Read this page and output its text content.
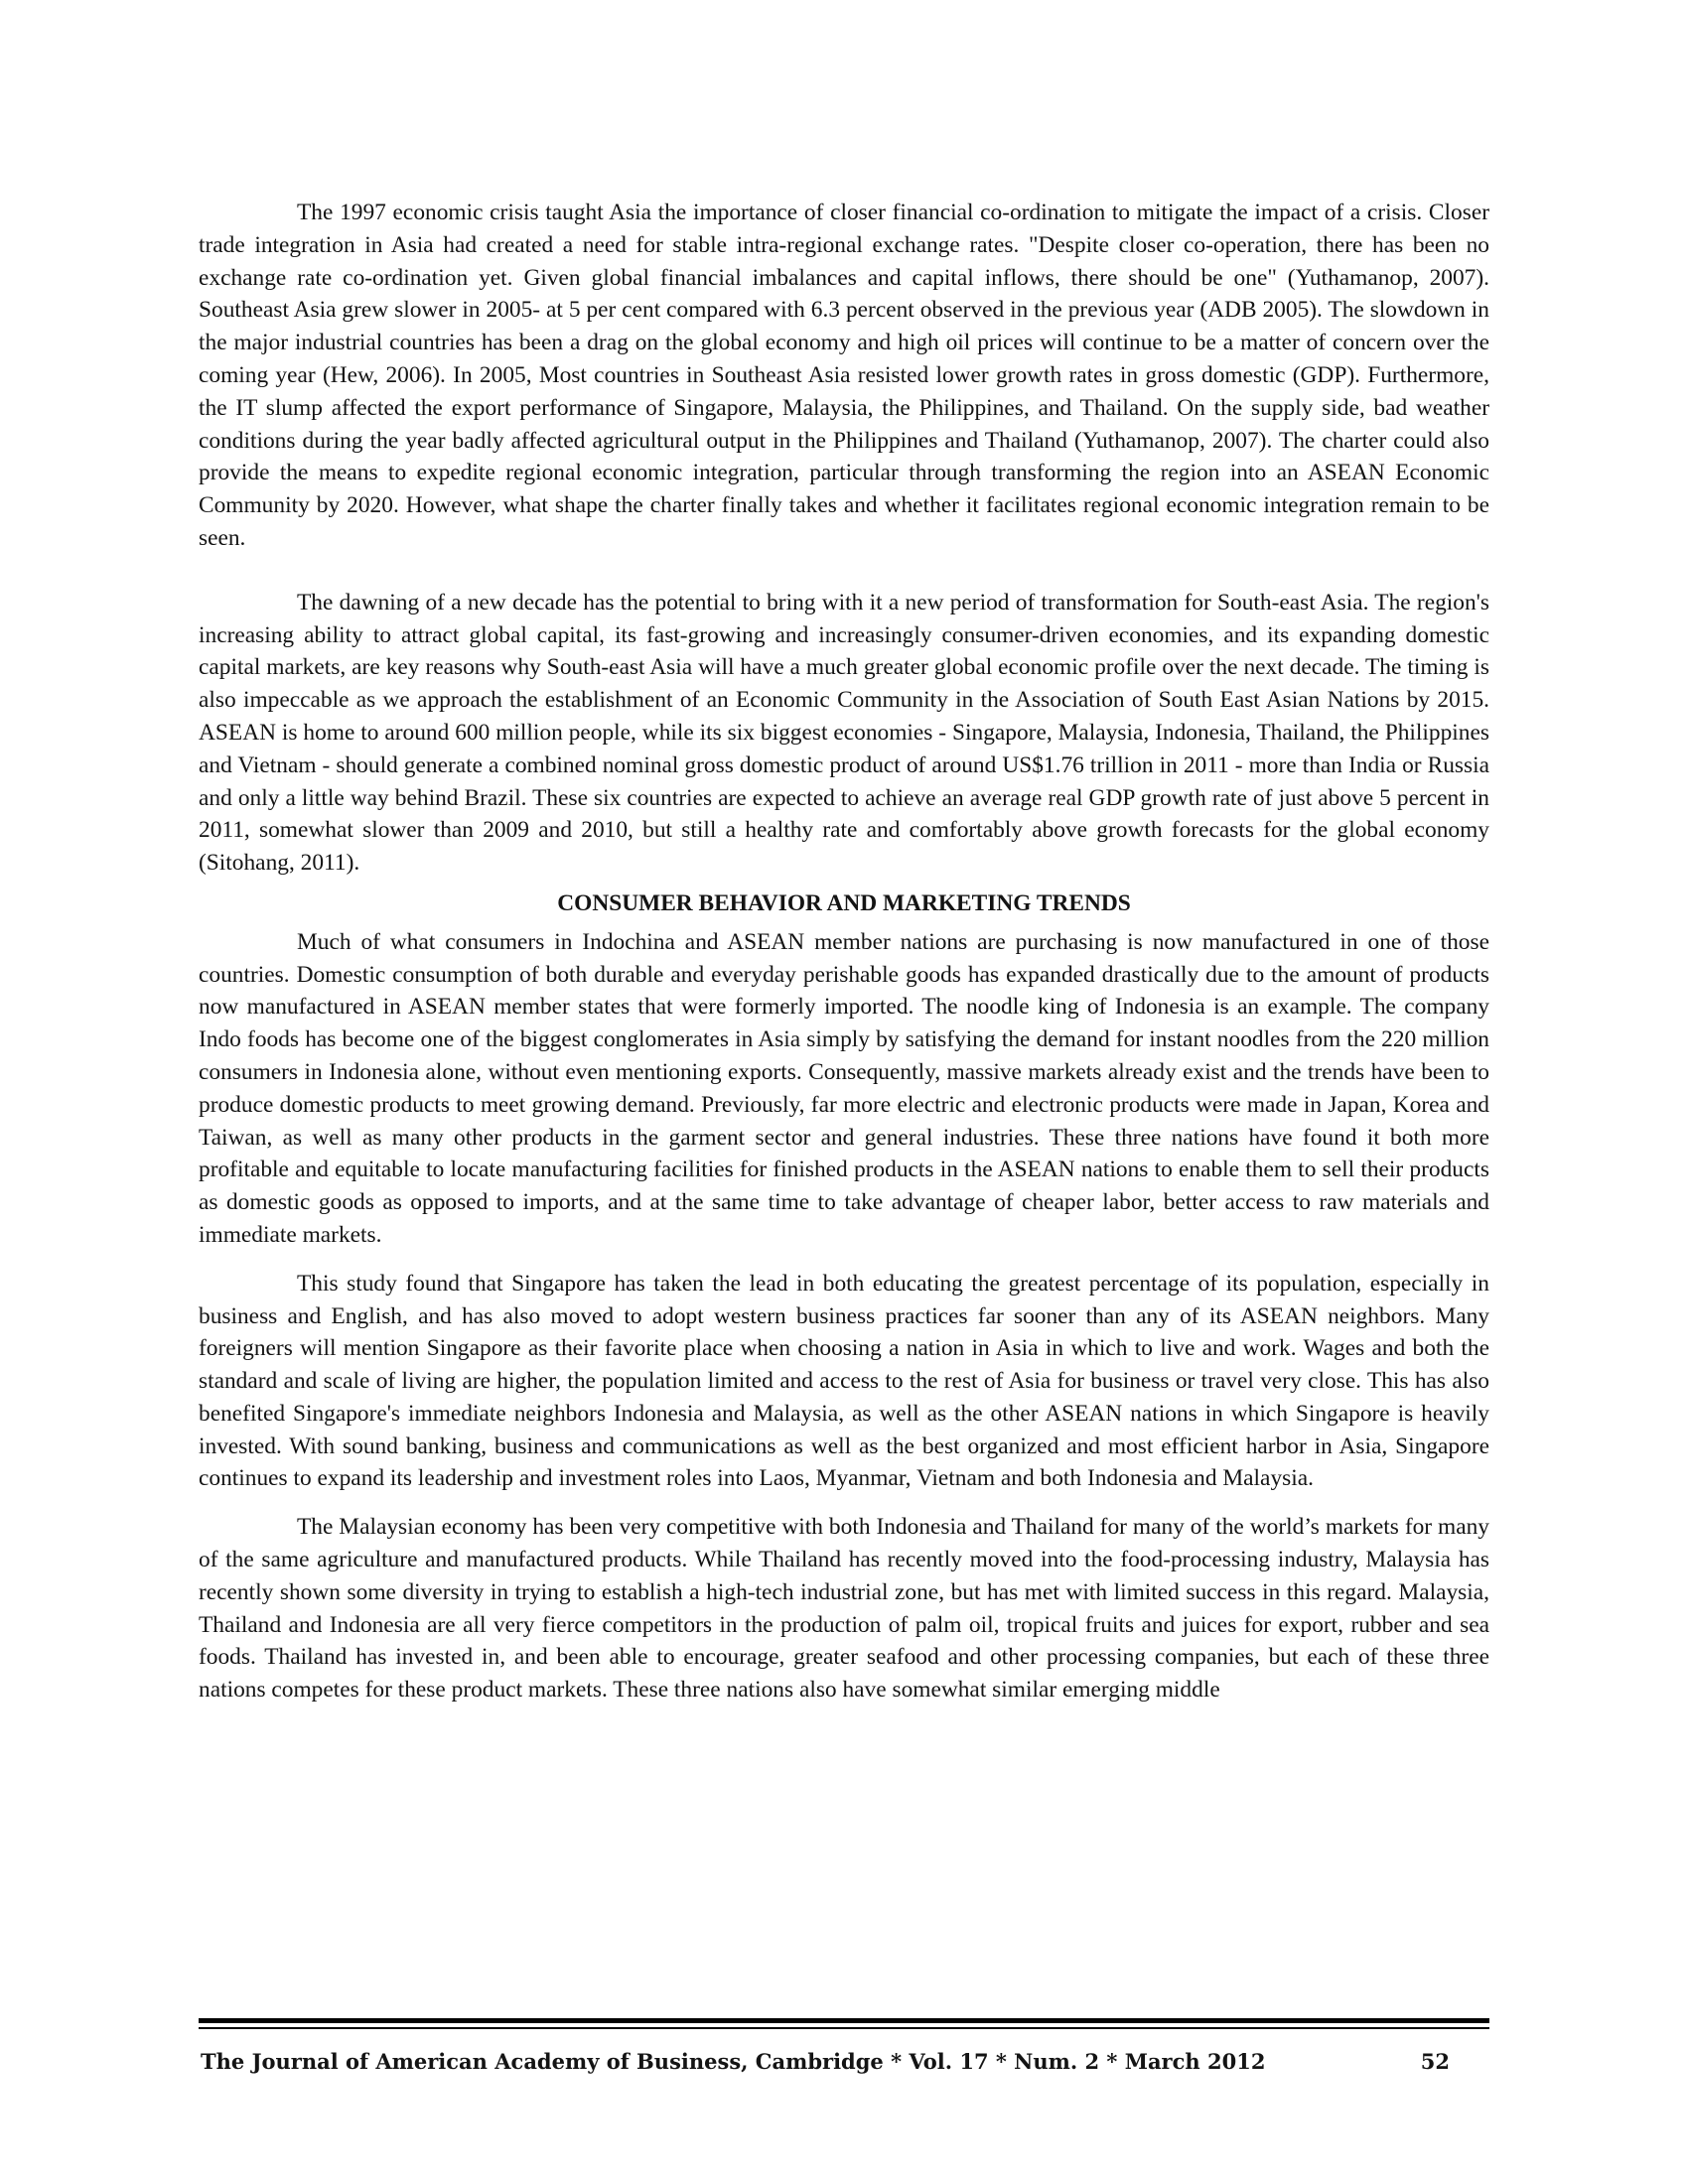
The 1997 economic crisis taught Asia the importance of closer financial co-ordination to mitigate the impact of a crisis. Closer trade integration in Asia had created a need for stable intra-regional exchange rates. "Despite closer co-operation, there has been no exchange rate co-ordination yet. Given global financial imbalances and capital inflows, there should be one" (Yuthamanop, 2007). Southeast Asia grew slower in 2005- at 5 per cent compared with 6.3 percent observed in the previous year (ADB 2005). The slowdown in the major industrial countries has been a drag on the global economy and high oil prices will continue to be a matter of concern over the coming year (Hew, 2006). In 2005, Most countries in Southeast Asia resisted lower growth rates in gross domestic (GDP). Furthermore, the IT slump affected the export performance of Singapore, Malaysia, the Philippines, and Thailand. On the supply side, bad weather conditions during the year badly affected agricultural output in the Philippines and Thailand (Yuthamanop, 2007). The charter could also provide the means to expedite regional economic integration, particular through transforming the region into an ASEAN Economic Community by 2020. However, what shape the charter finally takes and whether it facilitates regional economic integration remain to be seen.

The dawning of a new decade has the potential to bring with it a new period of transformation for South-east Asia. The region's increasing ability to attract global capital, its fast-growing and increasingly consumer-driven economies, and its expanding domestic capital markets, are key reasons why South-east Asia will have a much greater global economic profile over the next decade. The timing is also impeccable as we approach the establishment of an Economic Community in the Association of South East Asian Nations by 2015. ASEAN is home to around 600 million people, while its six biggest economies - Singapore, Malaysia, Indonesia, Thailand, the Philippines and Vietnam - should generate a combined nominal gross domestic product of around US$1.76 trillion in 2011 - more than India or Russia and only a little way behind Brazil. These six countries are expected to achieve an average real GDP growth rate of just above 5 percent in 2011, somewhat slower than 2009 and 2010, but still a healthy rate and comfortably above growth forecasts for the global economy (Sitohang, 2011).

CONSUMER BEHAVIOR AND MARKETING TRENDS

Much of what consumers in Indochina and ASEAN member nations are purchasing is now manufactured in one of those countries. Domestic consumption of both durable and everyday perishable goods has expanded drastically due to the amount of products now manufactured in ASEAN member states that were formerly imported. The noodle king of Indonesia is an example. The company Indo foods has become one of the biggest conglomerates in Asia simply by satisfying the demand for instant noodles from the 220 million consumers in Indonesia alone, without even mentioning exports. Consequently, massive markets already exist and the trends have been to produce domestic products to meet growing demand. Previously, far more electric and electronic products were made in Japan, Korea and Taiwan, as well as many other products in the garment sector and general industries. These three nations have found it both more profitable and equitable to locate manufacturing facilities for finished products in the ASEAN nations to enable them to sell their products as domestic goods as opposed to imports, and at the same time to take advantage of cheaper labor, better access to raw materials and immediate markets.

This study found that Singapore has taken the lead in both educating the greatest percentage of its population, especially in business and English, and has also moved to adopt western business practices far sooner than any of its ASEAN neighbors. Many foreigners will mention Singapore as their favorite place when choosing a nation in Asia in which to live and work. Wages and both the standard and scale of living are higher, the population limited and access to the rest of Asia for business or travel very close. This has also benefited Singapore's immediate neighbors Indonesia and Malaysia, as well as the other ASEAN nations in which Singapore is heavily invested. With sound banking, business and communications as well as the best organized and most efficient harbor in Asia, Singapore continues to expand its leadership and investment roles into Laos, Myanmar, Vietnam and both Indonesia and Malaysia.

The Malaysian economy has been very competitive with both Indonesia and Thailand for many of the world’s markets for many of the same agriculture and manufactured products. While Thailand has recently moved into the food-processing industry, Malaysia has recently shown some diversity in trying to establish a high-tech industrial zone, but has met with limited success in this regard. Malaysia, Thailand and Indonesia are all very fierce competitors in the production of palm oil, tropical fruits and juices for export, rubber and sea foods. Thailand has invested in, and been able to encourage, greater seafood and other processing companies, but each of these three nations competes for these product markets. These three nations also have somewhat similar emerging middle

The Journal of American Academy of Business, Cambridge * Vol. 17 * Num. 2 * March 2012	52
